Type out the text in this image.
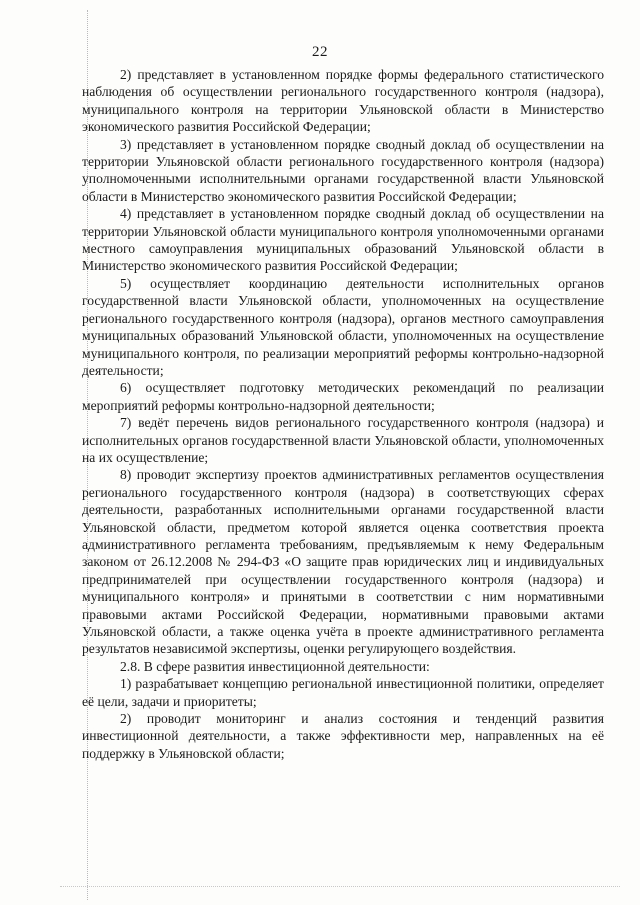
22

2) представляет в установленном порядке формы федерального статистического наблюдения об осуществлении регионального государственного контроля (надзора), муниципального контроля на территории Ульяновской области в Министерство экономического развития Российской Федерации;

3) представляет в установленном порядке сводный доклад об осуществлении на территории Ульяновской области регионального государственного контроля (надзора) уполномоченными исполнительными органами государственной власти Ульяновской области в Министерство экономического развития Российской Федерации;

4) представляет в установленном порядке сводный доклад об осуществлении на территории Ульяновской области муниципального контроля уполномоченными органами местного самоуправления муниципальных образований Ульяновской области в Министерство экономического развития Российской Федерации;

5) осуществляет координацию деятельности исполнительных органов государственной власти Ульяновской области, уполномоченных на осуществление регионального государственного контроля (надзора), органов местного самоуправления муниципальных образований Ульяновской области, уполномоченных на осуществление муниципального контроля, по реализации мероприятий реформы контрольно-надзорной деятельности;

6) осуществляет подготовку методических рекомендаций по реализации мероприятий реформы контрольно-надзорной деятельности;

7) ведёт перечень видов регионального государственного контроля (надзора) и исполнительных органов государственной власти Ульяновской области, уполномоченных на их осуществление;

8) проводит экспертизу проектов административных регламентов осуществления регионального государственного контроля (надзора) в соответствующих сферах деятельности, разработанных исполнительными органами государственной власти Ульяновской области, предметом которой является оценка соответствия проекта административного регламента требованиям, предъявляемым к нему Федеральным законом от 26.12.2008 № 294-ФЗ «О защите прав юридических лиц и индивидуальных предпринимателей при осуществлении государственного контроля (надзора) и муниципального контроля» и принятыми в соответствии с ним нормативными правовыми актами Российской Федерации, нормативными правовыми актами Ульяновской области, а также оценка учёта в проекте административного регламента результатов независимой экспертизы, оценки регулирующего воздействия.

2.8. В сфере развития инвестиционной деятельности:

1) разрабатывает концепцию региональной инвестиционной политики, определяет её цели, задачи и приоритеты;

2) проводит мониторинг и анализ состояния и тенденций развития инвестиционной деятельности, а также эффективности мер, направленных на её поддержку в Ульяновской области;
